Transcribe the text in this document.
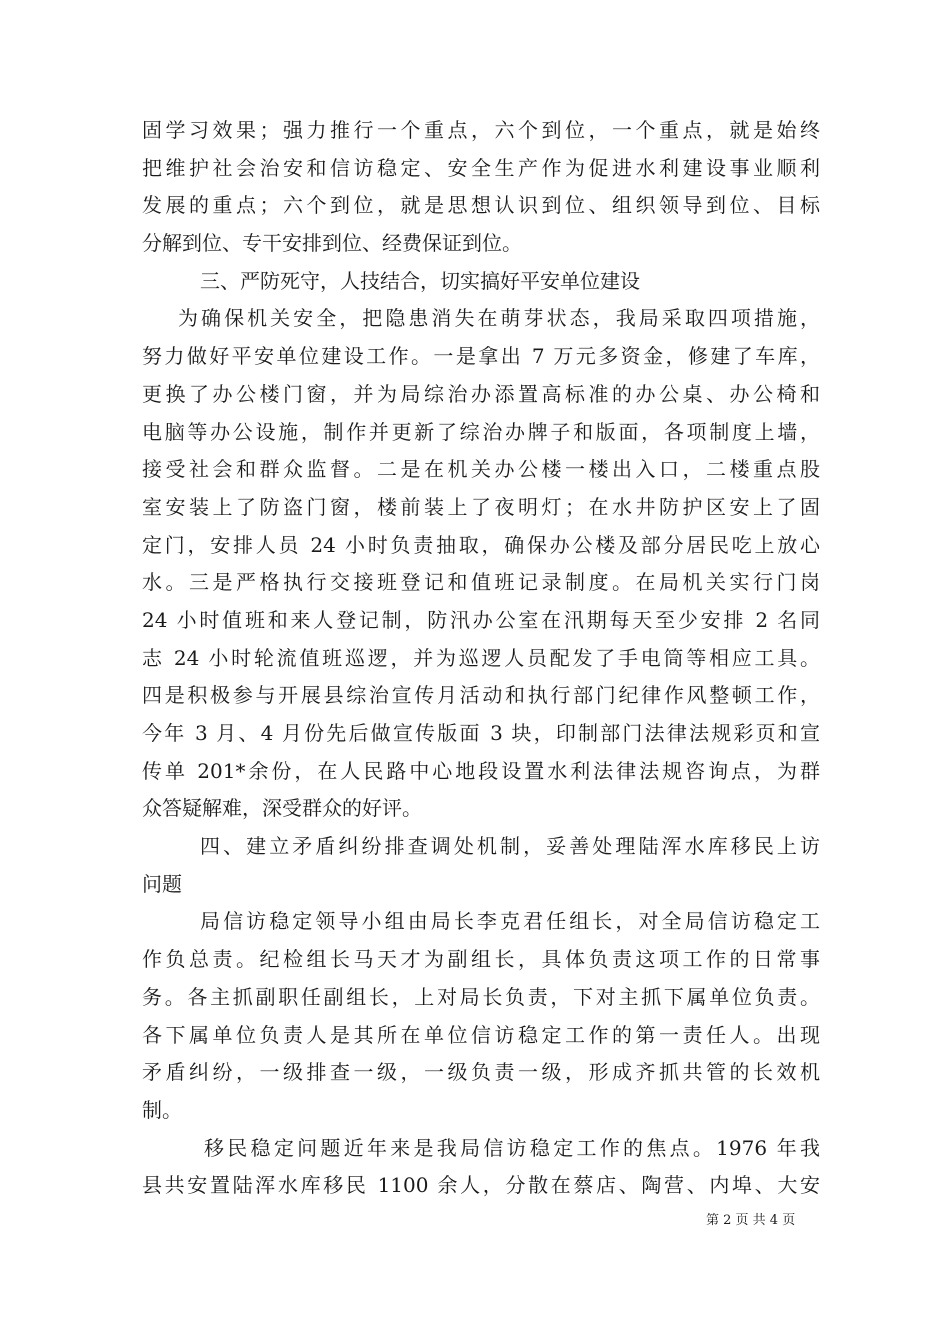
固学习效果；强力推行一个重点，六个到位，一个重点，就是始终
把维护社会治安和信访稳定、安全生产作为促进水利建设事业顺利
发展的重点；六个到位，就是思想认识到位、组织领导到位、目标
分解到位、专干安排到位、经费保证到位。
三、严防死守，人技结合，切实搞好平安单位建设
为确保机关安全，把隐患消失在萌芽状态，我局采取四项措施，
努力做好平安单位建设工作。一是拿出 7 万元多资金，修建了车库，
更换了办公楼门窗，并为局综治办添置高标准的办公桌、办公椅和
电脑等办公设施，制作并更新了综治办牌子和版面，各项制度上墙，
接受社会和群众监督。二是在机关办公楼一楼出入口，二楼重点股
室安装上了防盗门窗，楼前装上了夜明灯；在水井防护区安上了固
定门，安排人员 24 小时负责抽取，确保办公楼及部分居民吃上放心
水。三是严格执行交接班登记和值班记录制度。在局机关实行门岗
24 小时值班和来人登记制，防汛办公室在汛期每天至少安排 2 名同
志 24 小时轮流值班巡逻，并为巡逻人员配发了手电筒等相应工具。
四是积极参与开展县综治宣传月活动和执行部门纪律作风整顿工作，
今年 3 月、4 月份先后做宣传版面 3 块，印制部门法律法规彩页和宣
传单 201*余份，在人民路中心地段设置水利法律法规咨询点，为群
众答疑解难，深受群众的好评。
四、建立矛盾纠纷排查调处机制，妥善处理陆浑水库移民上访
问题
局信访稳定领导小组由局长李克君任组长，对全局信访稳定工
作负总责。纪检组长马天才为副组长，具体负责这项工作的日常事
务。各主抓副职任副组长，上对局长负责，下对主抓下属单位负责。
各下属单位负责人是其所在单位信访稳定工作的第一责任人。出现
矛盾纠纷，一级排查一级，一级负责一级，形成齐抓共管的长效机
制。
移民稳定问题近年来是我局信访稳定工作的焦点。1976 年我
县共安置陆浑水库移民 1100 余人，分散在蔡店、陶营、内埠、大安
第 2 页 共 4 页
